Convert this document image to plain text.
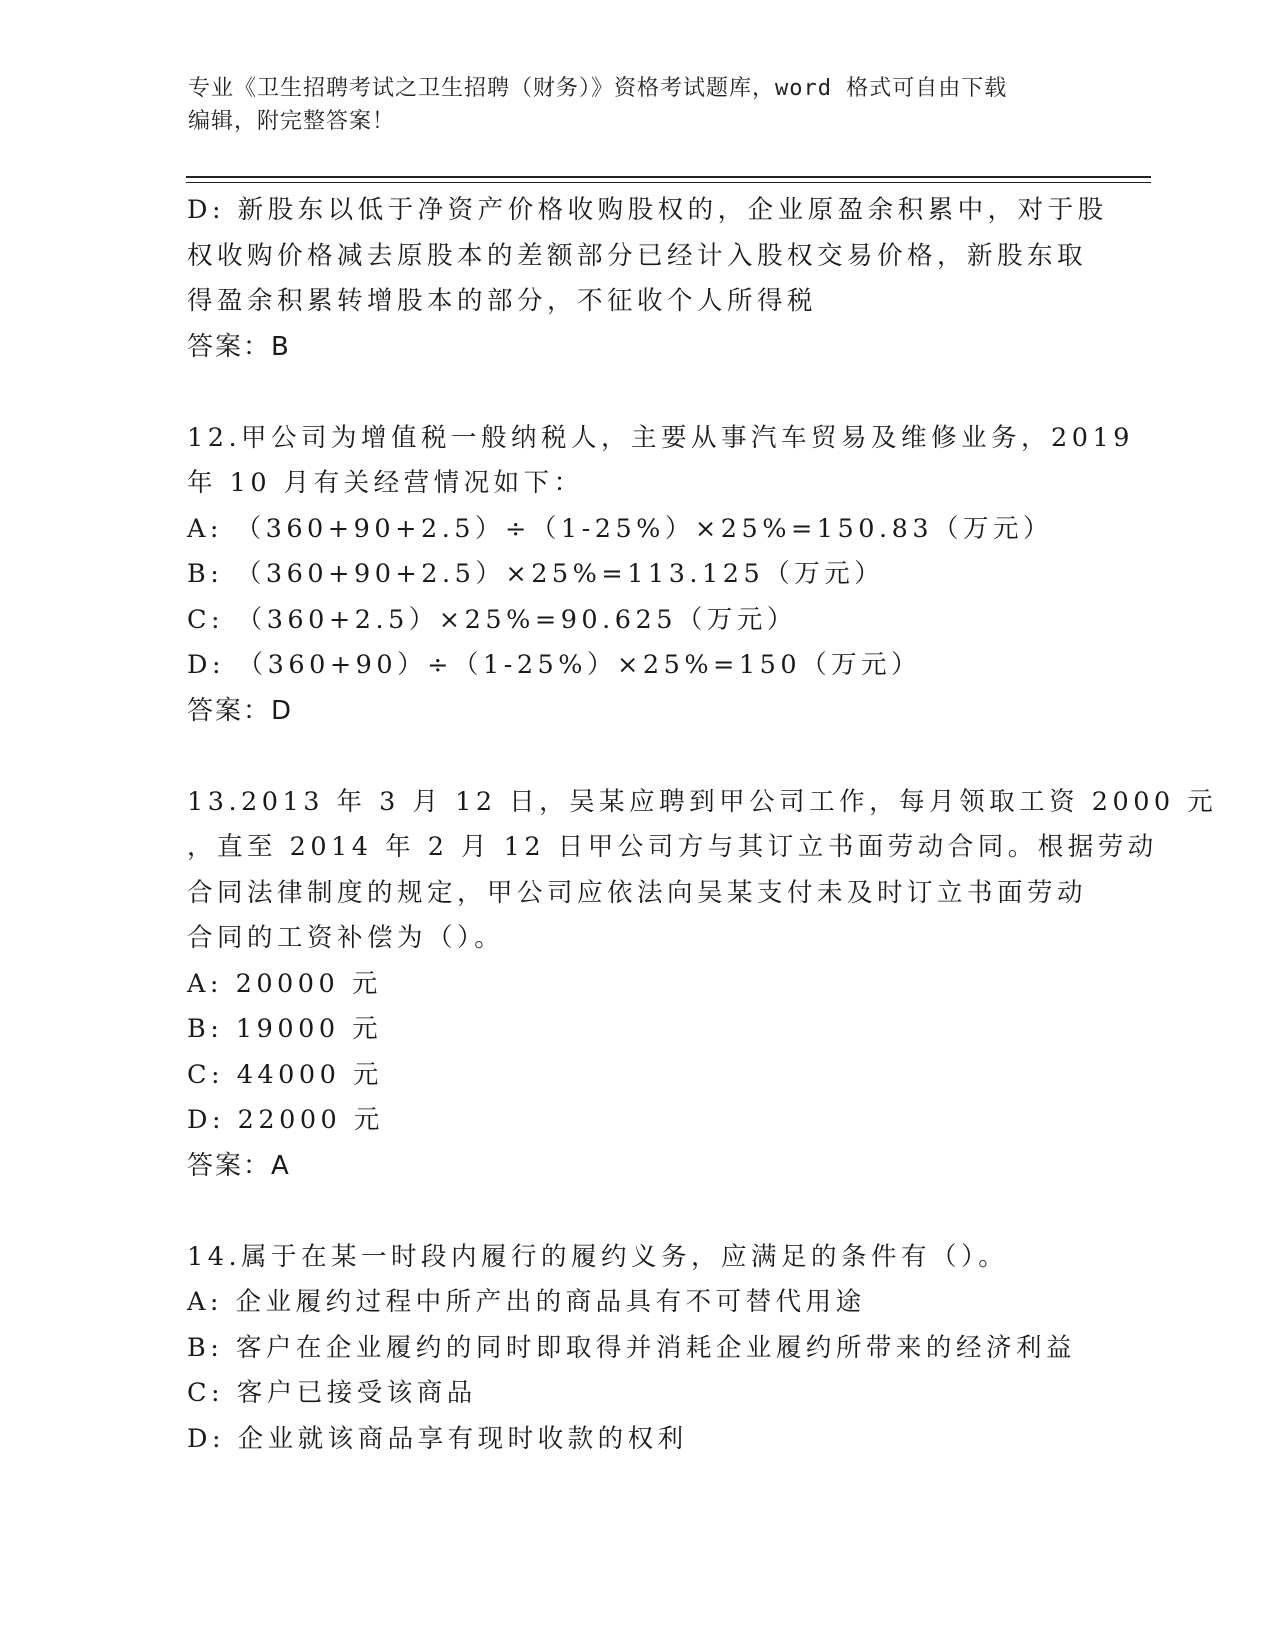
专业《卫生招聘考试之卫生招聘（财务）》资格考试题库，word 格式可自由下载
编辑，附完整答案！
D: 新股东以低于净资产价格收购股权的，企业原盈余积累中，对于股
权收购价格减去原股本的差额部分已经计入股权交易价格，新股东取
得盈余积累转增股本的部分，不征收个人所得税
答案：B
12.甲公司为增值税一般纳税人，主要从事汽车贸易及维修业务，2019
年 10 月有关经营情况如下：
A: （360+90+2.5）÷（1-25%）×25%=150.83（万元）
B: （360+90+2.5）×25%=113.125（万元）
C: （360+2.5）×25%=90.625（万元）
D: （360+90）÷（1-25%）×25%=150（万元）
答案：D
13.2013 年 3 月 12 日，吴某应聘到甲公司工作，每月领取工资 2000 元
，直至 2014 年 2 月 12 日甲公司方与其订立书面劳动合同。根据劳动
合同法律制度的规定，甲公司应依法向吴某支付未及时订立书面劳动
合同的工资补偿为（）。
A: 20000 元
B: 19000 元
C: 44000 元
D: 22000 元
答案：A
14.属于在某一时段内履行的履约义务，应满足的条件有（）。
A: 企业履约过程中所产出的商品具有不可替代用途
B: 客户在企业履约的同时即取得并消耗企业履约所带来的经济利益
C: 客户已接受该商品
D: 企业就该商品享有现时收款的权利
